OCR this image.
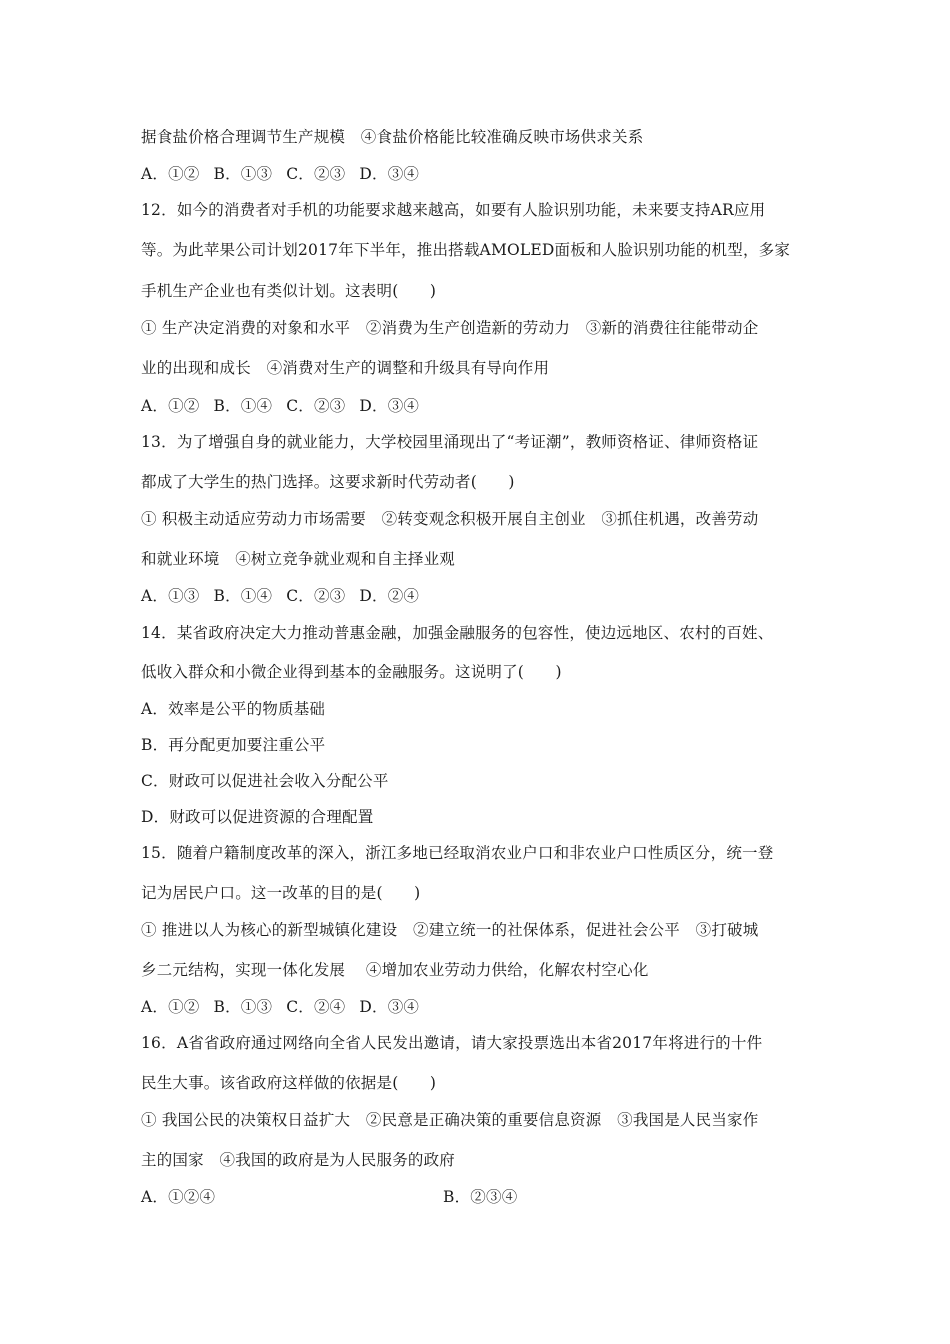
据食盐价格合理调节生产规模　④食盐价格能比较准确反映市场供求关系
A．①② B．①③ C．②③ D．③④
12．如今的消费者对手机的功能要求越来越高，如要有人脸识别功能，未来要支持AR应用
等。为此苹果公司计划2017年下半年，推出搭载AMOLED面板和人脸识别功能的机型，多家
手机生产企业也有类似计划。这表明(　　)
① 生产决定消费的对象和水平　②消费为生产创造新的劳动力　③新的消费往往能带动企
业的出现和成长　④消费对生产的调整和升级具有导向作用
A．①② B．①④ C．②③ D．③④
13．为了增强自身的就业能力，大学校园里涌现出了“考证潮”，教师资格证、律师资格证
都成了大学生的热门选择。这要求新时代劳动者(　　)
① 积极主动适应劳动力市场需要　②转变观念积极开展自主创业　③抓住机遇，改善劳动
和就业环境　④树立竞争就业观和自主择业观
A．①③ B．①④ C．②③ D．②④
14．某省政府决定大力推动普惠金融，加强金融服务的包容性，使边远地区、农村的百姓、
低收入群众和小微企业得到基本的金融服务。这说明了(　　)
A．效率是公平的物质基础
B．再分配更加要注重公平
C．财政可以促进社会收入分配公平
D．财政可以促进资源的合理配置
15．随着户籍制度改革的深入，浙江多地已经取消农业户口和非农业户口性质区分，统一登
记为居民户口。这一改革的目的是(　　)
① 推进以人为核心的新型城镇化建设　②建立统一的社保体系，促进社会公平　③打破城
乡二元结构，实现一体化发展　 ④增加农业劳动力供给，化解农村空心化
A．①② B．①③ C．②④ D．③④
16．A省省政府通过网络向全省人民发出邀请，请大家投票选出本省2017年将进行的十件
民生大事。该省政府这样做的依据是(　　)
① 我国公民的决策权日益扩大　②民意是正确决策的重要信息资源　③我国是人民当家作
主的国家　④我国的政府是为人民服务的政府
A．①②④	B．②③④
